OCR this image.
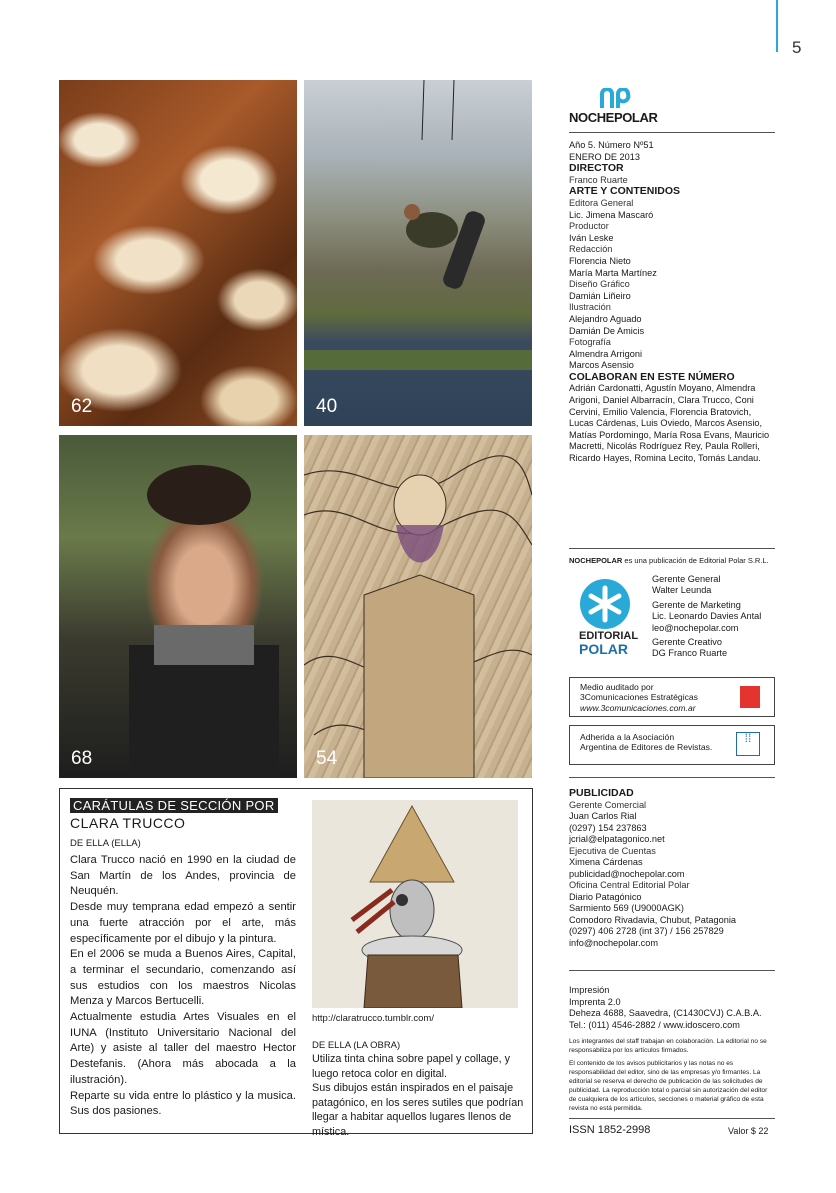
5
62	40
68	54
CARÁTULAS DE SECCIÓN POR
CLARA TRUCCO
DE ELLA (ELLA)

Clara Trucco nació en 1990 en la ciudad de San Martín de los Andes, provincia de Neuquén.

Desde muy temprana edad empezó a sentir una fuerte atracción por el arte, más específicamente por el dibujo y la pintura.

En el 2006 se muda a Buenos Aires, Capital, a terminar el secundario, comenzando así sus estudios con los maestros Nicolas Menza y Marcos Bertucelli.

Actualmente estudia Artes Visuales en el IUNA (Instituto Universitario Nacional del Arte) y asiste al taller del maestro Hector Destefanis. (Ahora más abocada a la ilustración).

Reparte su vida entre lo plástico y la musica. Sus dos pasiones.

http://claratrucco.tumblr.com/
DE ELLA (LA OBRA)

Utiliza tinta china sobre papel y collage, y luego retoca color en digital.

Sus dibujos están inspirados en el paisaje patagónico, en los seres sutiles que podrían llegar a habitar aquellos lugares llenos de mística.

NOCHEPOLAR

Año 5. Número Nº51

ENERO DE 2013

DIRECTOR

Franco Ruarte

ARTE Y CONTENIDOS

Editora General

Lic. Jimena Mascaró

Productor

Iván Leske

Redacción

Florencia Nieto

María Marta Martínez

Diseño Gráfico

Damián Liñeiro

Ilustración

Alejandro Aguado

Damián De Amicis

Fotografía

Almendra Arrigoni

Marcos Asensio

COLABORAN EN ESTE NÚMERO

Adrián Cardonatti, Agustín Moyano, Almendra Arigoni, Daniel Albarracín, Clara Trucco, Coni Cervini, Emilio Valencia, Florencia Bratovich, Lucas Cárdenas, Luis Oviedo, Marcos Asensio, Matías Pordomingo, María Rosa Evans, Mauricio Macretti, Nicolás Rodríguez Rey, Paula Rolleri, Ricardo Hayes, Romina Lecito, Tomás Landau.

NOCHEPOLAR es una publicación de Editorial Polar S.R.L.
EDITORIAL
POLAR

Gerente General

Walter Leunda

Gerente de Marketing

Lic. Leonardo Davies Antal

leo@nochepolar.com

Gerente Creativo

DG Franco Ruarte

Medio auditado por

3Comunicaciones Estratégicas

www.3comunicaciones.com.ar

Adherida a la Asociación

Argentina de Editores de Revistas.

⁞⁞

PUBLICIDAD

Gerente Comercial

Juan Carlos Rial

(0297) 154 237863

jcrial@elpatagonico.net

Ejecutiva de Cuentas

Ximena Cárdenas

publicidad@nochepolar.com

Oficina Central Editorial Polar

Diario Patagónico

Sarmiento 569 (U9000AGK)

Comodoro Rivadavia, Chubut, Patagonia

(0297) 406 2728 (int 37) / 156 257829

info@nochepolar.com

Impresión

Imprenta 2.0

Deheza 4688, Saavedra, (C1430CVJ) C.A.B.A.

Tel.: (011) 4546-2882 / www.idoscero.com

Los integrantes del staff trabajan en colaboración. La editorial no se responsabiliza por los artículos firmados.

El contenido de los avisos publicitarios y las notas no es responsabilidad del editor, sino de las empresas y/o firmantes. La editorial se reserva el derecho de publicación de las solicitudes de publicidad. La reproducción total o parcial sin autorización del editor de cualquiera de los artículos, secciones o material gráfico de esta revista no está permitida.

ISSN 1852-2998	Valor $ 22
